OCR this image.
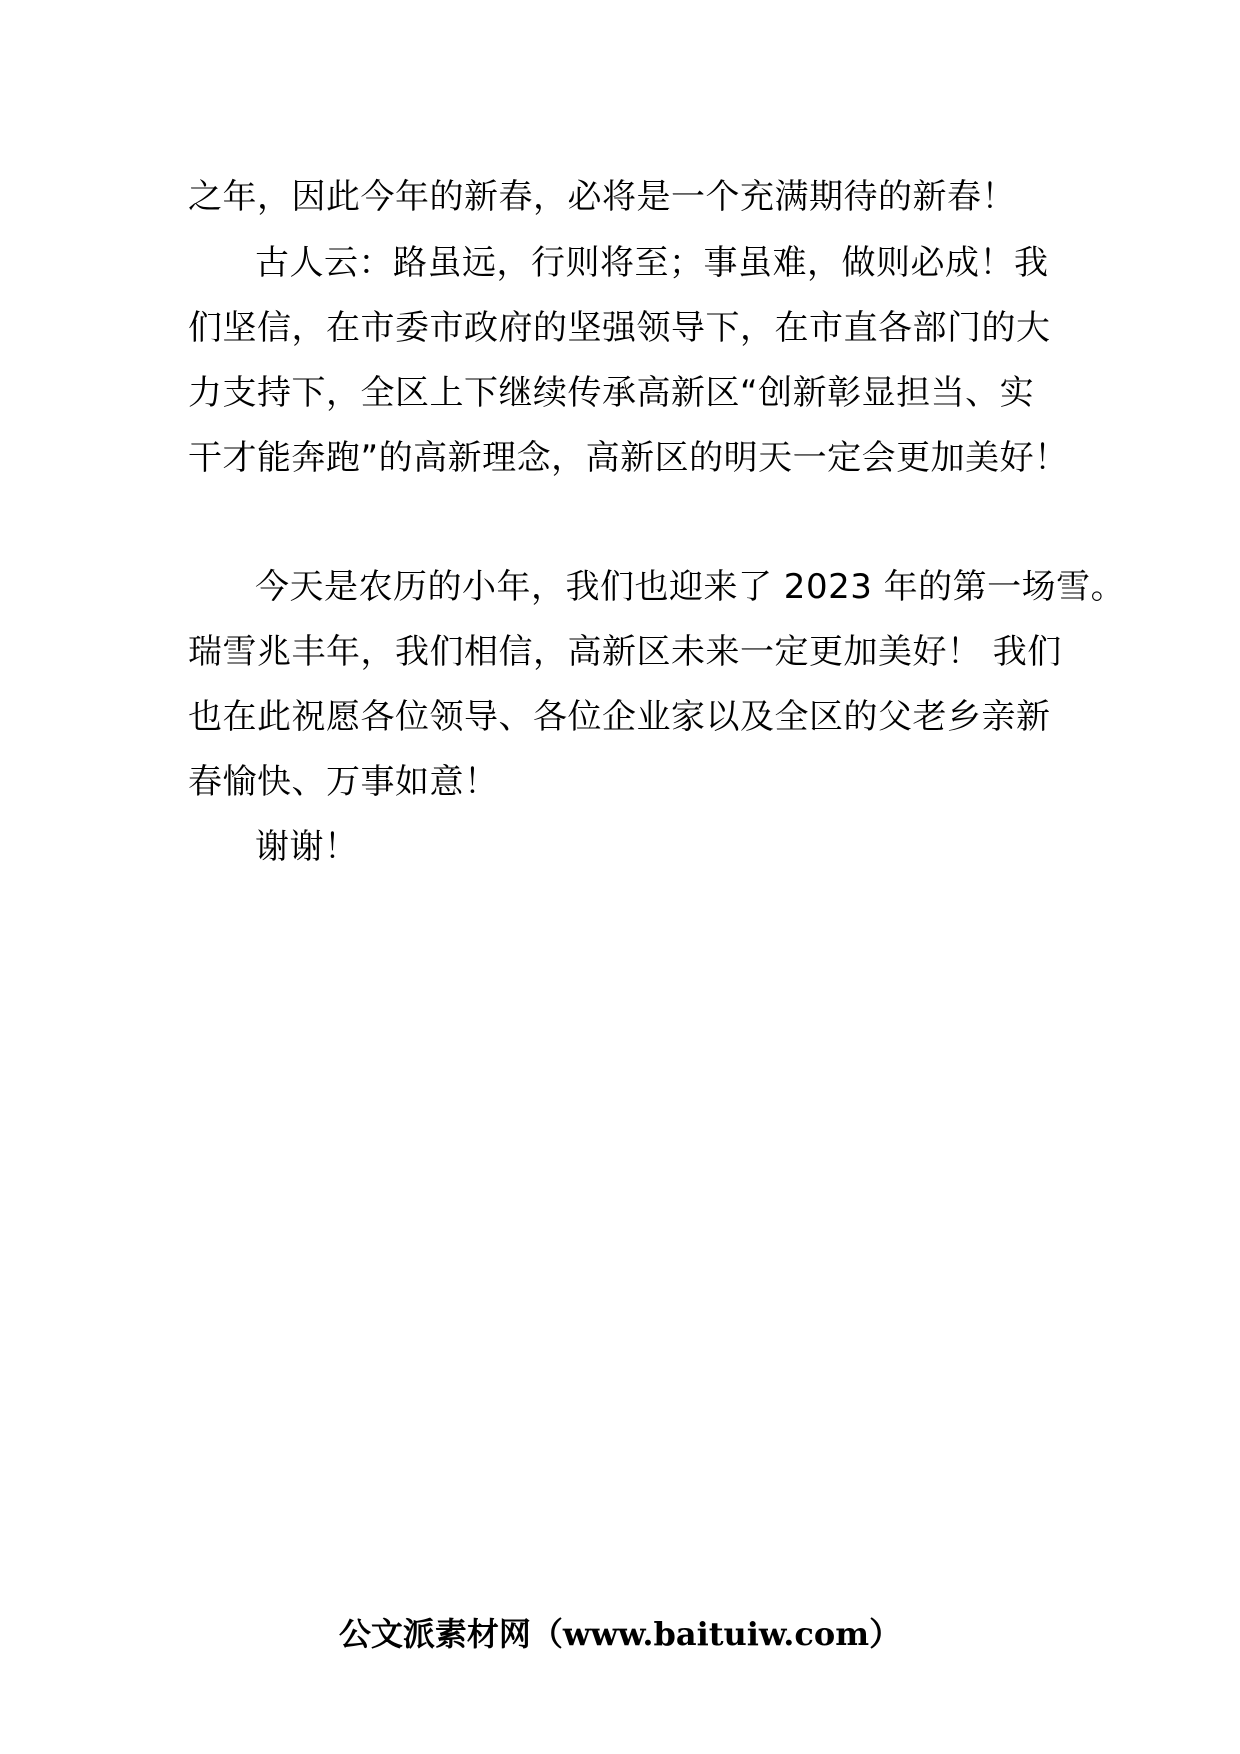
之年，因此今年的新春，必将是一个充满期待的新春！
古人云：路虽远，行则将至；事虽难，做则必成！我
们坚信，在市委市政府的坚强领导下，在市直各部门的大
力支持下，全区上下继续传承高新区“创新彰显担当、实
干才能奔跑”的高新理念，高新区的明天一定会更加美好！
今天是农历的小年，我们也迎来了 2023 年的第一场雪。
瑞雪兆丰年，我们相信，高新区未来一定更加美好！ 我们
也在此祝愿各位领导、各位企业家以及全区的父老乡亲新
春愉快、万事如意！
谢谢！
公文派素材网（www.baituiw.com）
